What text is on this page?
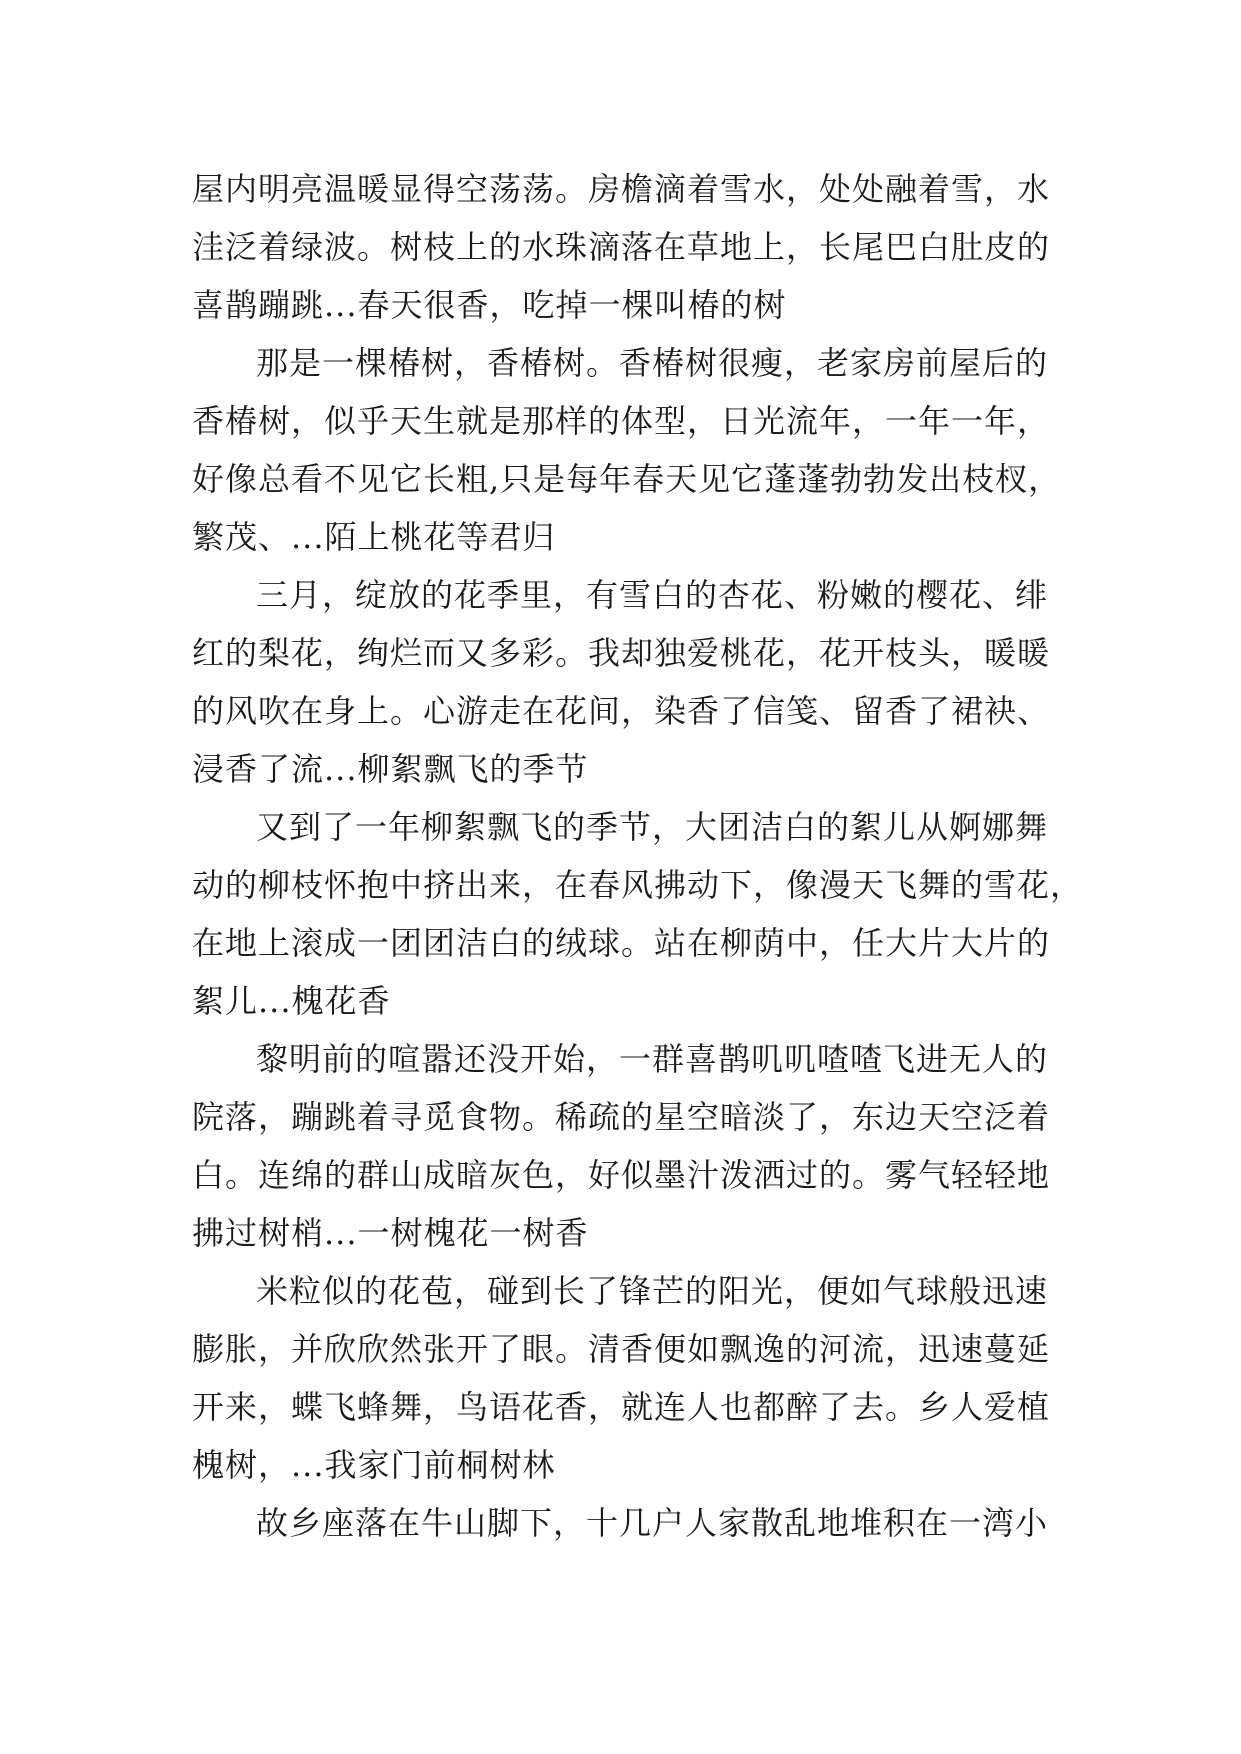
屋内明亮温暖显得空荡荡。房檐滴着雪水，处处融着雪，水
洼泛着绿波。树枝上的水珠滴落在草地上，长尾巴白肚皮的
喜鹊蹦跳...春天很香，吃掉一棵叫椿的树
那是一棵椿树，香椿树。香椿树很瘦，老家房前屋后的
香椿树，似乎天生就是那样的体型，日光流年，一年一年，
好像总看不见它长粗,只是每年春天见它蓬蓬勃勃发出枝杈，
繁茂、...陌上桃花等君归
三月，绽放的花季里，有雪白的杏花、粉嫩的樱花、绯
红的梨花，绚烂而又多彩。我却独爱桃花，花开枝头，暖暖
的风吹在身上。心游走在花间，染香了信笺、留香了裙袂、
浸香了流...柳絮飘飞的季节
又到了一年柳絮飘飞的季节，大团洁白的絮儿从婀娜舞
动的柳枝怀抱中挤出来，在春风拂动下，像漫天飞舞的雪花，
在地上滚成一团团洁白的绒球。站在柳荫中，任大片大片的
絮儿...槐花香
黎明前的喧嚣还没开始，一群喜鹊叽叽喳喳飞进无人的
院落，蹦跳着寻觅食物。稀疏的星空暗淡了，东边天空泛着
白。连绵的群山成暗灰色，好似墨汁泼洒过的。雾气轻轻地
拂过树梢...一树槐花一树香
米粒似的花苞，碰到长了锋芒的阳光，便如气球般迅速
膨胀，并欣欣然张开了眼。清香便如飘逸的河流，迅速蔓延
开来，蝶飞蜂舞，鸟语花香，就连人也都醉了去。乡人爱植
槐树，...我家门前桐树林
故乡座落在牛山脚下，十几户人家散乱地堆积在一湾小
